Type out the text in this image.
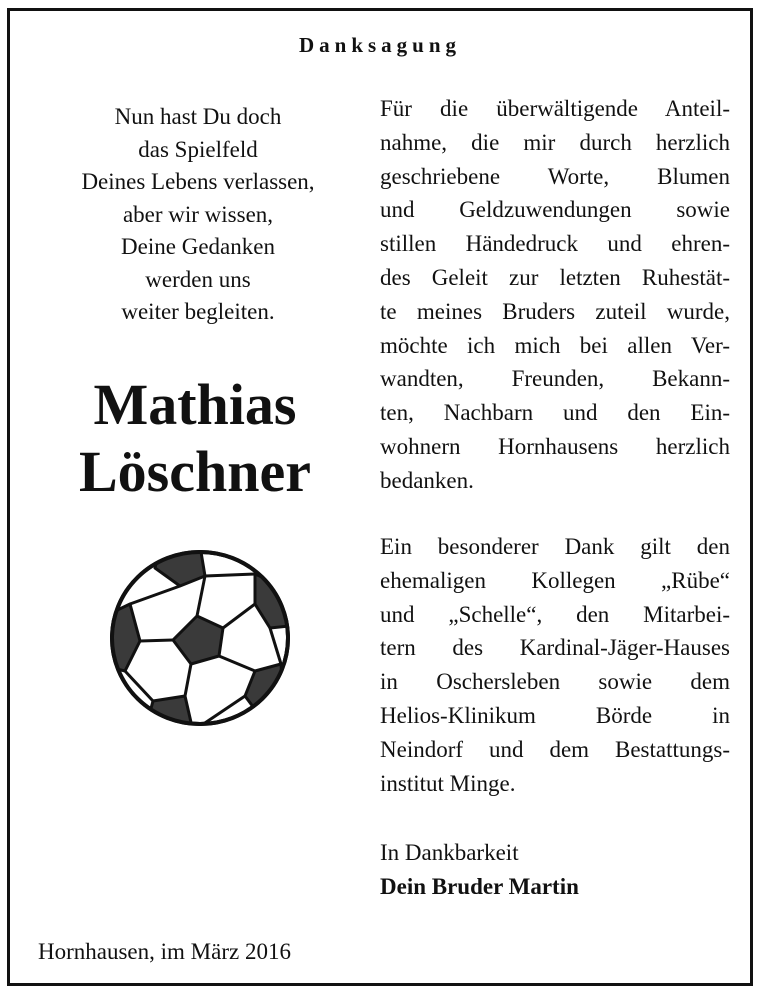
Danksagung
Nun hast Du doch
das Spielfeld
Deines Lebens verlassen,
aber wir wissen,
Deine Gedanken
werden uns
weiter begleiten.
Mathias
Löschner
Hornhausen, im März 2016
Für die überwältigende Anteil-
nahme, die mir durch herzlich
geschriebene Worte, Blumen
und Geldzuwendungen sowie
stillen Händedruck und ehren-
des Geleit zur letzten Ruhestät-
te meines Bruders zuteil wurde,
möchte ich mich bei allen Ver-
wandten, Freunden, Bekann-
ten, Nachbarn und den Ein-
wohnern Hornhausens herzlich
bedanken.
Ein besonderer Dank gilt den
ehemaligen Kollegen „Rübe“
und „Schelle“, den Mitarbei-
tern des Kardinal-Jäger-Hauses
in Oschersleben sowie dem
Helios-Klinikum Börde in
Neindorf und dem Bestattungs-
institut Minge.
In Dankbarkeit
Dein Bruder Martin
